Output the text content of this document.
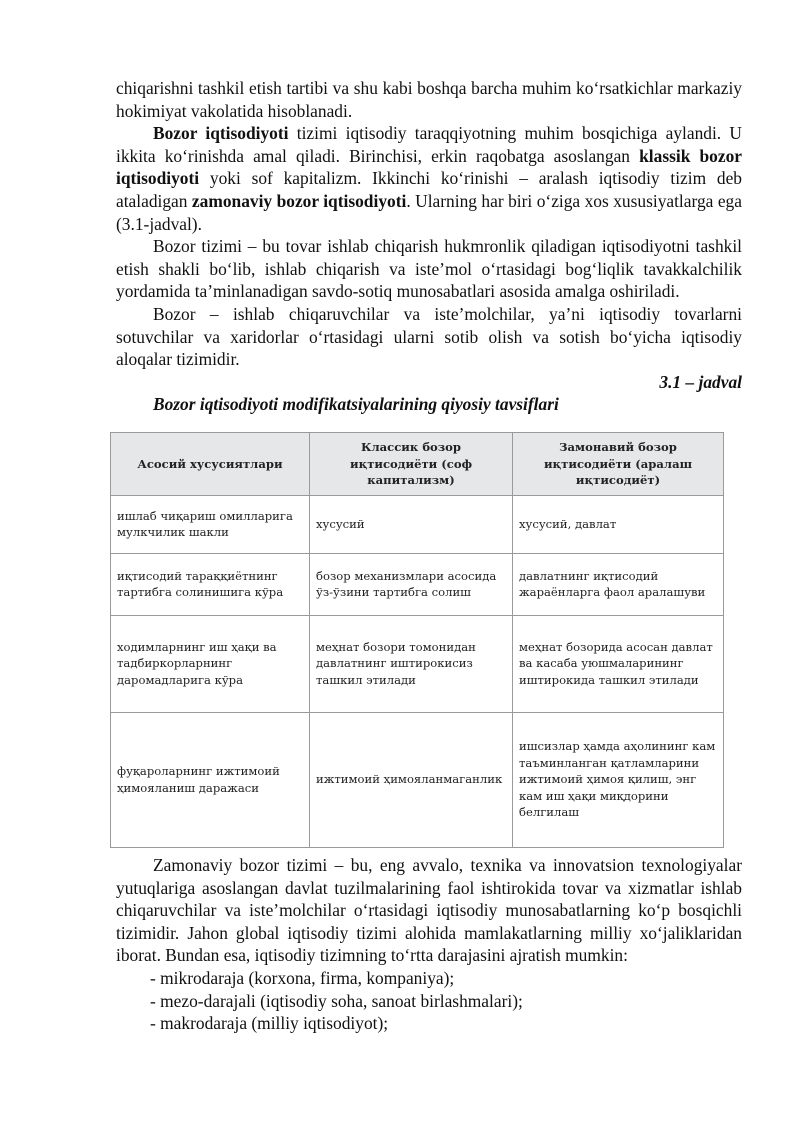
chiqarishni tashkil etish tartibi va shu kabi boshqa barcha muhim ko‘rsatkichlar markaziy hokimiyat vakolatida hisoblanadi.

Bozor iqtisodiyoti tizimi iqtisodiy taraqqiyotning muhim bosqichiga aylandi. U ikkita ko‘rinishda amal qiladi. Birinchisi, erkin raqobatga asoslangan klassik bozor iqtisodiyoti yoki sof kapitalizm. Ikkinchi ko‘rinishi – aralash iqtisodiy tizim deb ataladigan zamonaviy bozor iqtisodiyoti. Ularning har biri o‘ziga xos xususiyatlarga ega (3.1-jadval).

Bozor tizimi – bu tovar ishlab chiqarish hukmronlik qiladigan iqtisodiyotni tashkil etish shakli bo‘lib, ishlab chiqarish va iste’mol o‘rtasidagi bog‘liqlik tavakkalchilik yordamida ta’minlanadigan savdo-sotiq munosabatlari asosida amalga oshiriladi.

Bozor – ishlab chiqaruvchilar va iste’molchilar, ya’ni iqtisodiy tovarlarni sotuvchilar va xaridorlar o‘rtasidagi ularni sotib olish va sotish bo‘yicha iqtisodiy aloqalar tizimidir.

3.1 – jadval

Bozor iqtisodiyoti modifikatsiyalarining qiyosiy tavsiflari

Асосий хусусиятлари	Классик бозор иқтисодиёти (соф капитализм)	Замонавий бозор иқтисодиёти (аралаш иқтисодиёт)
ишлаб чиқариш омилларига мулкчилик шакли	хусусий	хусусий, давлат
иқтисодий тараққиётнинг тартибга солинишига кўра	бозор механизмлари асосида ўз-ўзини тартибга солиш	давлатнинг иқтисодий жараёнларга фаол аралашуви
ходимларнинг иш ҳақи ва тадбиркорларнинг даромадларига кўра	меҳнат бозори томонидан давлатнинг иштирокисиз ташкил этилади	меҳнат бозорида асосан давлат ва касаба уюшмаларининг иштирокида ташкил этилади
фуқароларнинг ижтимоий ҳимояланиш даражаси	ижтимоий ҳимояланмаганлик	ишсизлар ҳамда аҳолининг кам таъминланган қатламларини ижтимоий ҳимоя қилиш, энг кам иш ҳақи миқдорини белгилаш

Zamonaviy bozor tizimi – bu, eng avvalo, texnika va innovatsion texnologiyalar yutuqlariga asoslangan davlat tuzilmalarining faol ishtirokida tovar va xizmatlar ishlab chiqaruvchilar va iste’molchilar o‘rtasidagi iqtisodiy munosabatlarning ko‘p bosqichli tizimidir. Jahon global iqtisodiy tizimi alohida mamlakatlarning milliy xo‘jaliklaridan iborat. Bundan esa, iqtisodiy tizimning to‘rtta darajasini ajratish mumkin:

- mikrodaraja (korxona, firma, kompaniya);
- mezo-darajali (iqtisodiy soha, sanoat birlashmalari);
- makrodaraja (milliy iqtisodiyot);
